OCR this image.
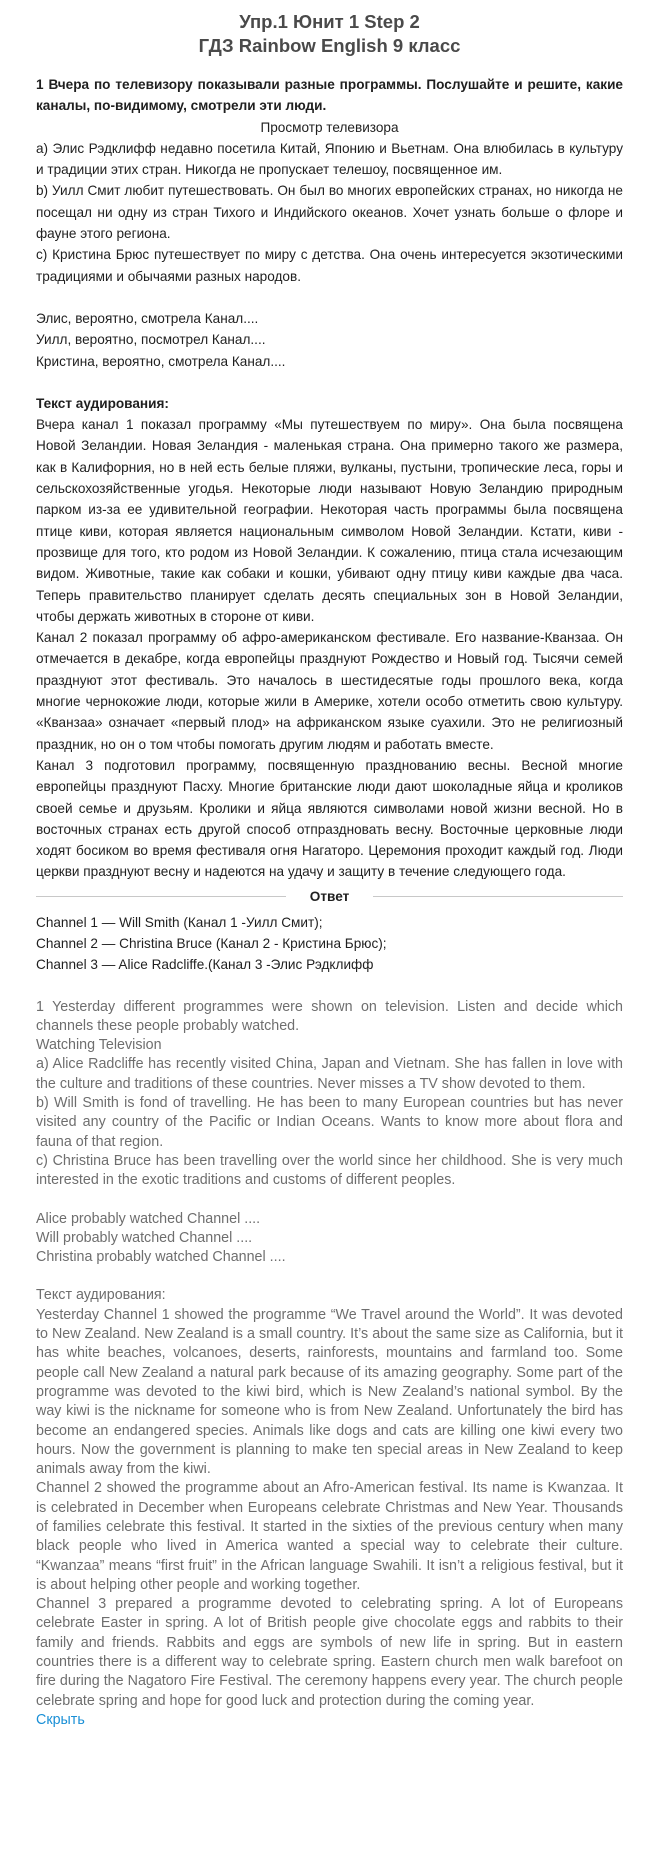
Упр.1 Юнит 1 Step 2
ГДЗ Rainbow English 9 класс

1 Вчера по телевизору показывали разные программы. Послушайте и решите, какие каналы, по-видимому, смотрели эти люди.

Просмотр телевизора

а) Элис Рэдклифф недавно посетила Китай, Японию и Вьетнам. Она влюбилась в культуру и традиции этих стран. Никогда не пропускает телешоу, посвященное им.

b) Уилл Смит любит путешествовать. Он был во многих европейских странах, но никогда не посещал ни одну из стран Тихого и Индийского океанов. Хочет узнать больше о флоре и фауне этого региона.

с) Кристина Брюс путешествует по миру с детства. Она очень интересуется экзотическими традициями и обычаями разных народов.

Элис, вероятно, смотрела Канал....

Уилл, вероятно, посмотрел Канал....

Кристина, вероятно, смотрела Канал....

Текст аудирования:

Вчера канал 1 показал программу «Мы путешествуем по миру». Она была посвящена Новой Зеландии. Новая Зеландия - маленькая страна. Она примерно такого же размера, как в Калифорния, но в ней есть белые пляжи, вулканы, пустыни, тропические леса, горы и сельскохозяйственные угодья. Некоторые люди называют Новую Зеландию природным парком из-за ее удивительной географии. Некоторая часть программы была посвящена птице киви, которая является национальным символом Новой Зеландии. Кстати, киви - прозвище для того, кто родом из Новой Зеландии. К сожалению, птица стала исчезающим видом. Животные, такие как собаки и кошки, убивают одну птицу киви каждые два часа. Теперь правительство планирует сделать десять специальных зон в Новой Зеландии, чтобы держать животных в стороне от киви.

Канал 2 показал программу об афро-американском фестивале. Его название-Кванзаа. Он отмечается в декабре, когда европейцы празднуют Рождество и Новый год. Тысячи семей празднуют этот фестиваль. Это началось в шестидесятые годы прошлого века, когда многие чернокожие люди, которые жили в Америке, хотели особо отметить свою культуру. «Кванзаа» означает «первый плод» на африканском языке суахили. Это не религиозный праздник, но он о том чтобы помогать другим людям и работать вместе.

Канал 3 подготовил программу, посвященную празднованию весны. Весной многие европейцы празднуют Пасху. Многие британские люди дают шоколадные яйца и кроликов своей семье и друзьям. Кролики и яйца являются символами новой жизни весной. Но в восточных странах есть другой способ отпраздновать весну. Восточные церковные люди ходят босиком во время фестиваля огня Нагатоpo. Церемония проходит каждый год. Люди церкви празднуют весну и надеются на удачу и защиту в течение следующего года.

Ответ

Channel 1 — Will Smith (Канал 1 -Уилл Смит);

Channel 2 — Christina Bruce (Канал 2 - Кристина Брюс);

Channel 3 — Alice Radcliffe.(Канал 3 -Элис Рэдклифф

1 Yesterday different programmes were shown on television. Listen and decide which channels these people probably watched.

Watching Television

a) Alice Radcliffe has recently visited China, Japan and Vietnam. She has fallen in love with the culture and traditions of these countries. Never misses a TV show devoted to them.

b) Will Smith is fond of travelling. He has been to many European countries but has never visited any country of the Pacific or Indian Oceans. Wants to know more about flora and fauna of that region.

c) Christina Bruce has been travelling over the world since her childhood. She is very much interested in the exotic traditions and customs of different peoples.

Alice probably watched Channel ....

Will probably watched Channel ....

Christina probably watched Channel ....

Текст аудирования:

Yesterday Channel 1 showed the programme “We Travel around the World”. It was devoted to New Zealand. New Zealand is a small country. It’s about the same size as California, but it has white beaches, volcanoes, deserts, rainforests, mountains and farmland too. Some people call New Zealand a natural park because of its amazing geography. Some part of the programme was devoted to the kiwi bird, which is New Zealand’s national symbol. By the way kiwi is the nickname for someone who is from New Zealand. Unfortunately the bird has become an endangered species. Animals like dogs and cats are killing one kiwi every two hours. Now the government is planning to make ten special areas in New Zealand to keep animals away from the kiwi.

Channel 2 showed the programme about an Afro-American festival. Its name is Kwanzaa. It is celebrated in December when Europeans celebrate Christmas and New Year. Thousands of families celebrate this festival. It started in the sixties of the previous century when many black people who lived in America wanted a special way to celebrate their culture. “Kwanzaa” means “first fruit” in the African language Swahili. It isn’t a religious festival, but it is about helping other people and working together.

Channel 3 prepared a programme devoted to celebrating spring. A lot of Europeans celebrate Easter in spring. A lot of British people give chocolate eggs and rabbits to their family and friends. Rabbits and eggs are symbols of new life in spring. But in eastern countries there is a different way to celebrate spring. Eastern church men walk barefoot on fire during the Nagatoro Fire Festival. The ceremony happens every year. The church people celebrate spring and hope for good luck and protection during the coming year.

Скрыть
